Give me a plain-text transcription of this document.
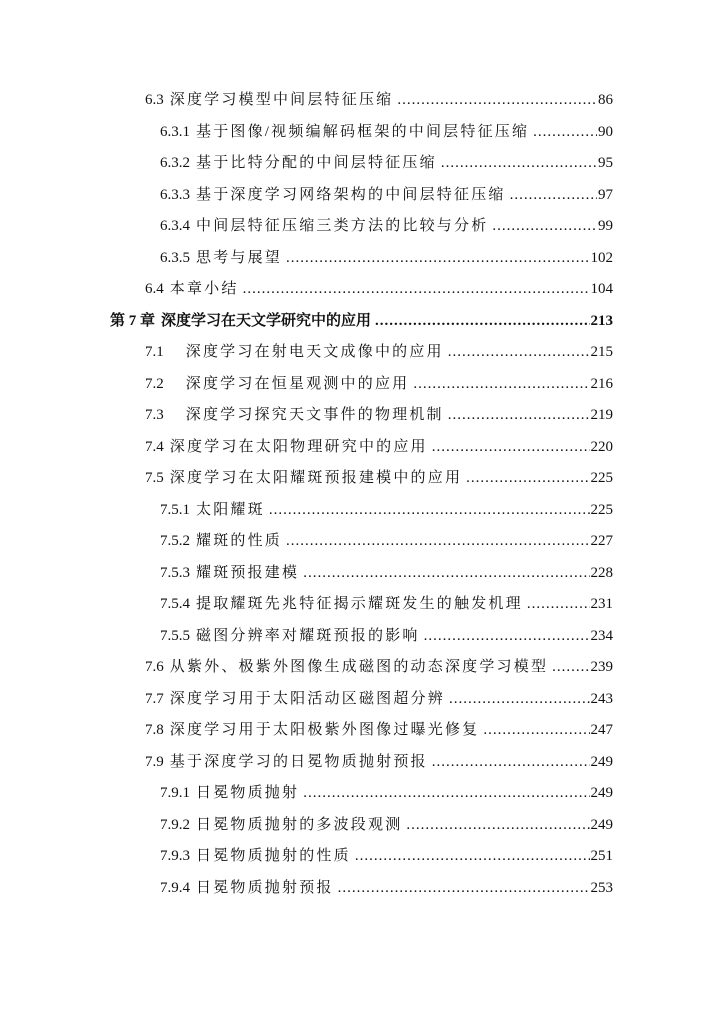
6.3 深度学习模型中间层特征压缩 .....	86
6.3.1 基于图像/视频编解码框架的中间层特征压缩 .....	90
6.3.2 基于比特分配的中间层特征压缩 .....	95
6.3.3 基于深度学习网络架构的中间层特征压缩 .....	97
6.3.4 中间层特征压缩三类方法的比较与分析 .....	99
6.3.5 思考与展望 .....	102
6.4 本章小结 .....	104
第 7 章 深度学习在天文学研究中的应用 .....	213
7.1 深度学习在射电天文成像中的应用 .....	215
7.2 深度学习在恒星观测中的应用 .....	216
7.3 深度学习探究天文事件的物理机制 .....	219
7.4 深度学习在太阳物理研究中的应用 .....	220
7.5 深度学习在太阳耀斑预报建模中的应用 .....	225
7.5.1 太阳耀斑 .....	225
7.5.2 耀斑的性质 .....	227
7.5.3 耀斑预报建模 .....	228
7.5.4 提取耀斑先兆特征揭示耀斑发生的触发机理 .....	231
7.5.5 磁图分辨率对耀斑预报的影响 .....	234
7.6 从紫外、极紫外图像生成磁图的动态深度学习模型 .....	239
7.7 深度学习用于太阳活动区磁图超分辨 .....	243
7.8 深度学习用于太阳极紫外图像过曝光修复 .....	247
7.9 基于深度学习的日冕物质抛射预报 .....	249
7.9.1 日冕物质抛射 .....	249
7.9.2 日冕物质抛射的多波段观测 .....	249
7.9.3 日冕物质抛射的性质 .....	251
7.9.4 日冕物质抛射预报 .....	253
